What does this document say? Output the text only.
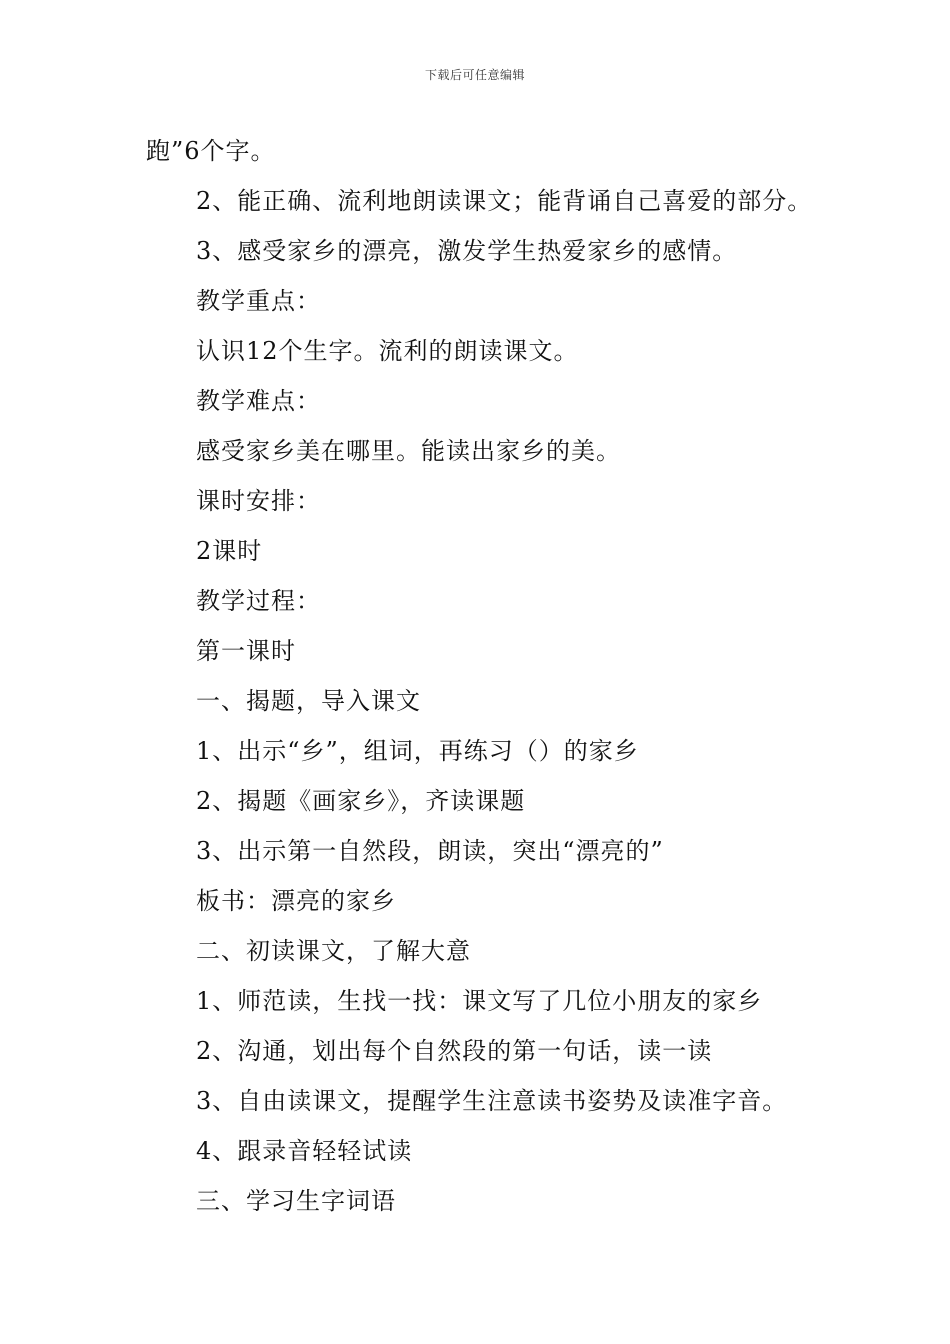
下载后可任意编辑
跑”6个字。
2、能正确、流利地朗读课文；能背诵自己喜爱的部分。
3、感受家乡的漂亮，激发学生热爱家乡的感情。
教学重点：
认识12个生字。流利的朗读课文。
教学难点：
感受家乡美在哪里。能读出家乡的美。
课时安排：
2课时
教学过程：
第一课时
一、揭题，导入课文
1、出示“乡”，组词，再练习（）的家乡
2、揭题《画家乡》，齐读课题
3、出示第一自然段，朗读，突出“漂亮的”
板书：漂亮的家乡
二、初读课文，了解大意
1、师范读，生找一找：课文写了几位小朋友的家乡
2、沟通，划出每个自然段的第一句话，读一读
3、自由读课文，提醒学生注意读书姿势及读准字音。
4、跟录音轻轻试读
三、学习生字词语
